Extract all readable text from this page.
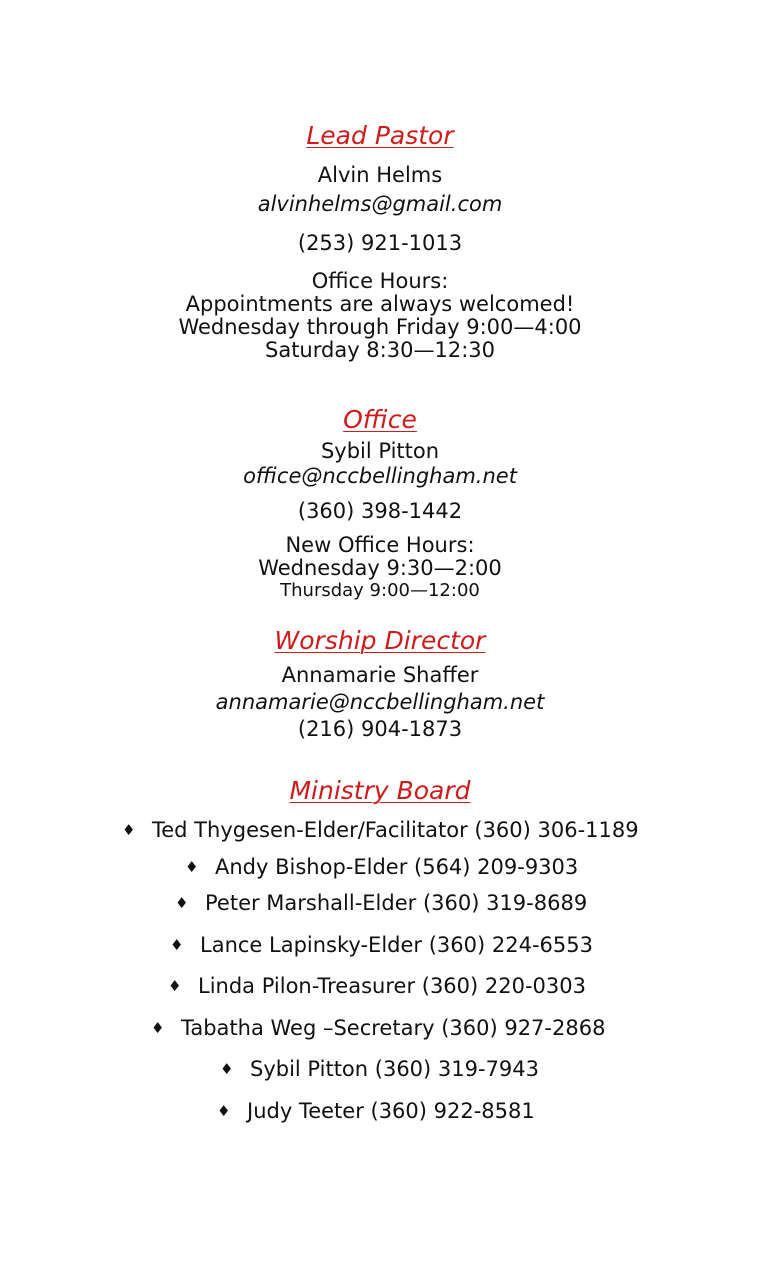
Lead Pastor
Alvin Helms
alvinhelms@gmail.com
(253) 921-1013
Office Hours:
Appointments are always welcomed!
Wednesday through Friday 9:00—4:00
Saturday 8:30—12:30
Office
Sybil Pitton
office@nccbellingham.net
(360) 398-1442
New Office Hours:
Wednesday 9:30—2:00
Thursday 9:00—12:00
Worship Director
Annamarie Shaffer
annamarie@nccbellingham.net
(216) 904-1873
Ministry Board
♦ Ted Thygesen-Elder/Facilitator (360) 306-1189
♦ Andy Bishop-Elder (564) 209-9303
♦ Peter Marshall-Elder (360) 319-8689
♦ Lance Lapinsky-Elder (360) 224-6553
♦ Linda Pilon-Treasurer (360) 220-0303
♦ Tabatha Weg –Secretary (360) 927-2868
♦ Sybil Pitton (360) 319-7943
♦ Judy Teeter (360) 922-8581
